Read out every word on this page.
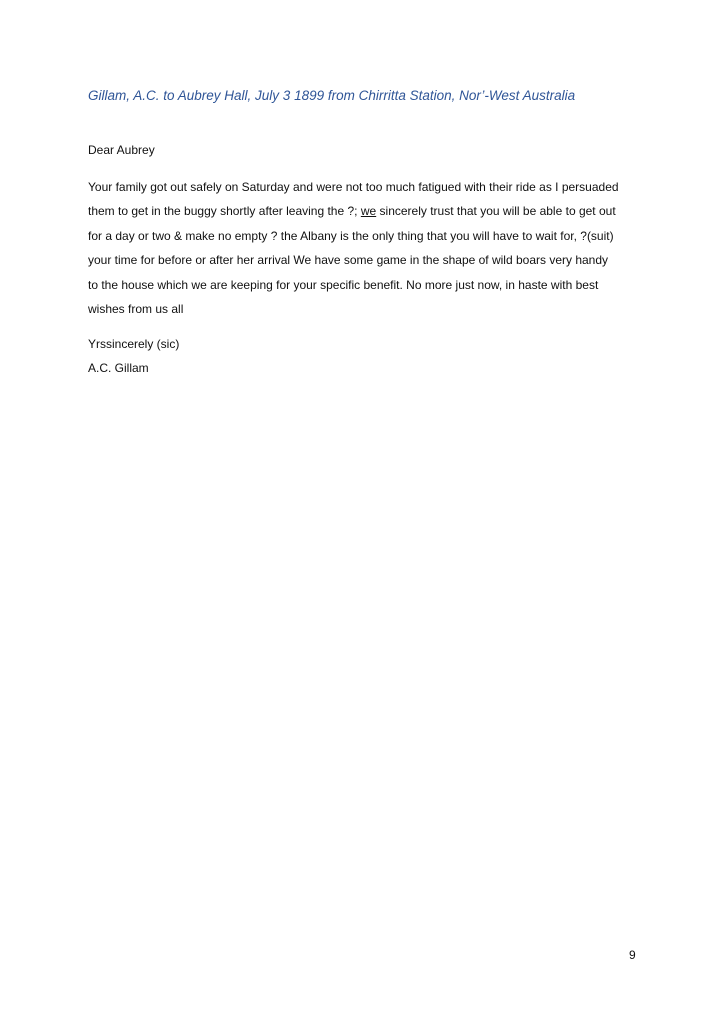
Gillam, A.C. to Aubrey Hall, July 3 1899 from Chirritta Station, Nor’-West Australia
Dear Aubrey
Your family got out safely on Saturday and were not too much fatigued with their ride as I persuaded
them to get in the buggy shortly after leaving the ?; we sincerely trust that you will be able to get out
for a day or two & make no empty ? the Albany is the only thing that you will have to wait for, ?(suit)
your time for before or after her arrival We have some game in the shape of wild boars very handy
to the house which we are keeping for your specific benefit. No more just now, in haste with best
wishes from us all
Yrssincerely (sic)
A.C. Gillam
9
